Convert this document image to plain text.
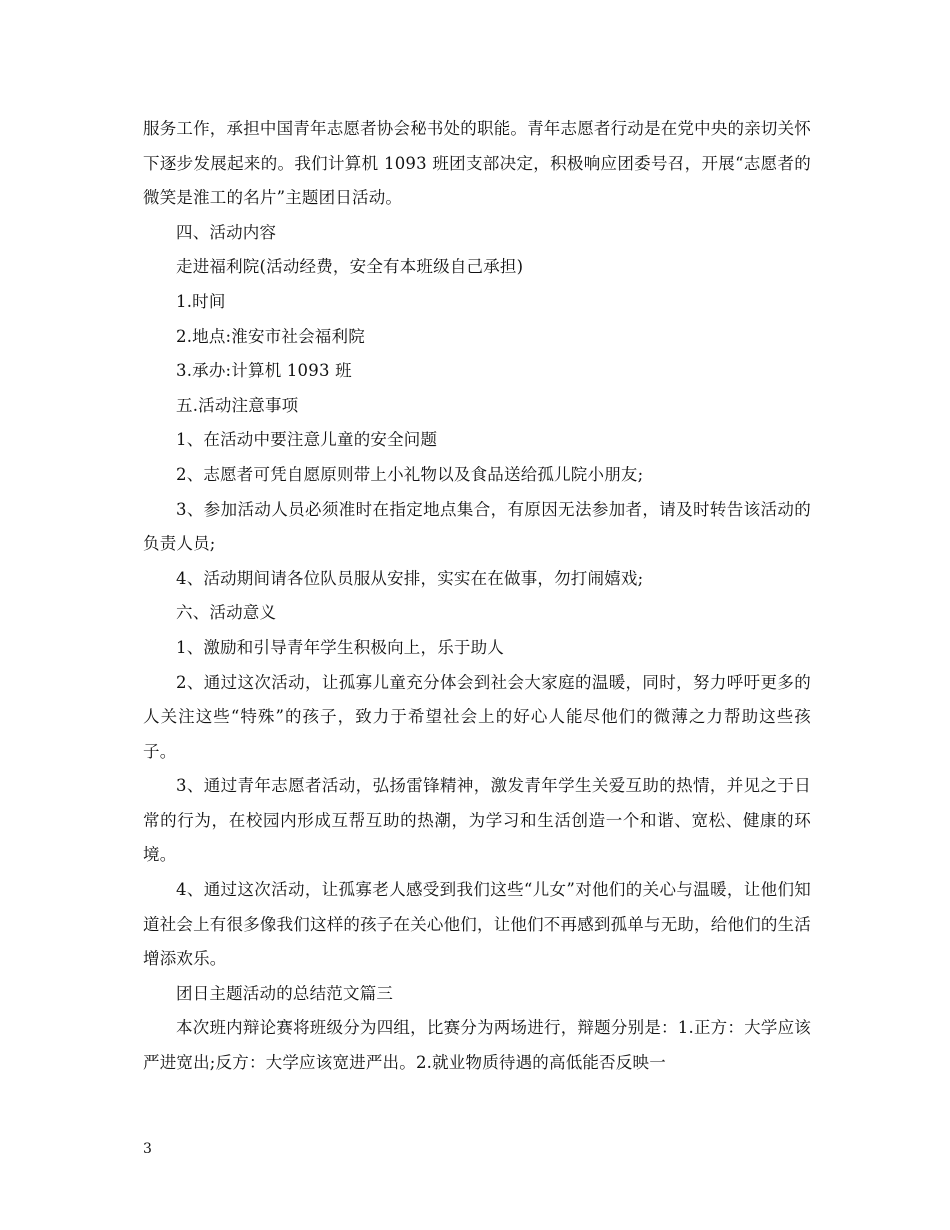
服务工作，承担中国青年志愿者协会秘书处的职能。青年志愿者行动是在党中央的亲切关怀下逐步发展起来的。我们计算机 1093 班团支部决定，积极响应团委号召，开展“志愿者的微笑是淮工的名片”主题团日活动。

四、活动内容

走进福利院(活动经费，安全有本班级自己承担)

1.时间

2.地点:淮安市社会福利院

3.承办:计算机 1093 班

五.活动注意事项

1、在活动中要注意儿童的安全问题

2、志愿者可凭自愿原则带上小礼物以及食品送给孤儿院小朋友;

3、参加活动人员必须准时在指定地点集合，有原因无法参加者，请及时转告该活动的负责人员;

4、活动期间请各位队员服从安排，实实在在做事，勿打闹嬉戏;

六、活动意义

1、激励和引导青年学生积极向上，乐于助人

2、通过这次活动，让孤寡儿童充分体会到社会大家庭的温暖，同时，努力呼吁更多的人关注这些“特殊”的孩子，致力于希望社会上的好心人能尽他们的微薄之力帮助这些孩子。

3、通过青年志愿者活动，弘扬雷锋精神，激发青年学生关爱互助的热情，并见之于日常的行为，在校园内形成互帮互助的热潮，为学习和生活创造一个和谐、宽松、健康的环境。

4、通过这次活动，让孤寡老人感受到我们这些“儿女”对他们的关心与温暖，让他们知道社会上有很多像我们这样的孩子在关心他们，让他们不再感到孤单与无助，给他们的生活增添欢乐。

团日主题活动的总结范文篇三

本次班内辩论赛将班级分为四组，比赛分为两场进行，辩题分别是：1.正方：大学应该严进宽出;反方：大学应该宽进严出。2.就业物质待遇的高低能否反映一

3
